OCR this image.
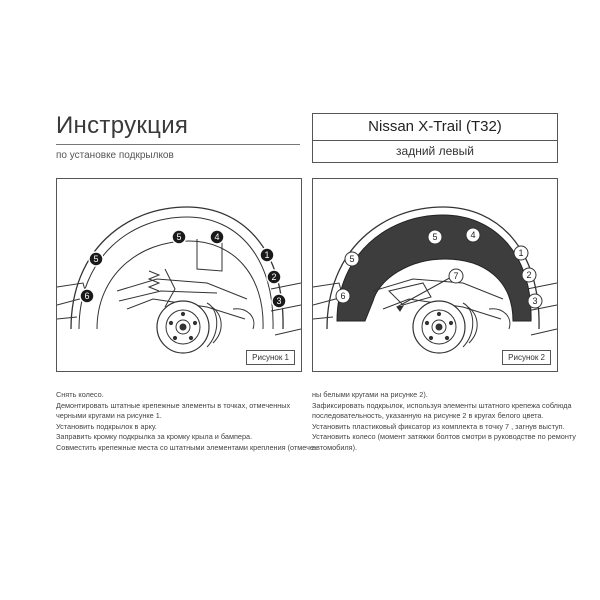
Инструкция
по установке подкрылков
Nissan X-Trail (T32)
задний левый
1
2
3
4
5
5
6
Рисунок 1
1
2
3
4
5
5
6
7
Рисунок 2
Снять колесо.
Демонтировать штатные крепежные элементы в точках, отмеченных
черными кругами на рисунке 1.
Установить подкрылок в арку.
Заправить кромку подкрылка за кромку крыла и бампера.
Совместить крепежные места со штатными элементами крепления (отмече-
ны белыми кругами на рисунке 2).
Зафиксировать подкрылок, используя элементы штатного крепежа соблюда
последовательность, указанную на рисунке 2 в кругах белого цвета.
Установить пластиковый фиксатор из комплекта в точку 7 , загнув выступ.
Установить колесо (момент затяжки болтов смотри в руководстве по ремонту
автомобиля).
